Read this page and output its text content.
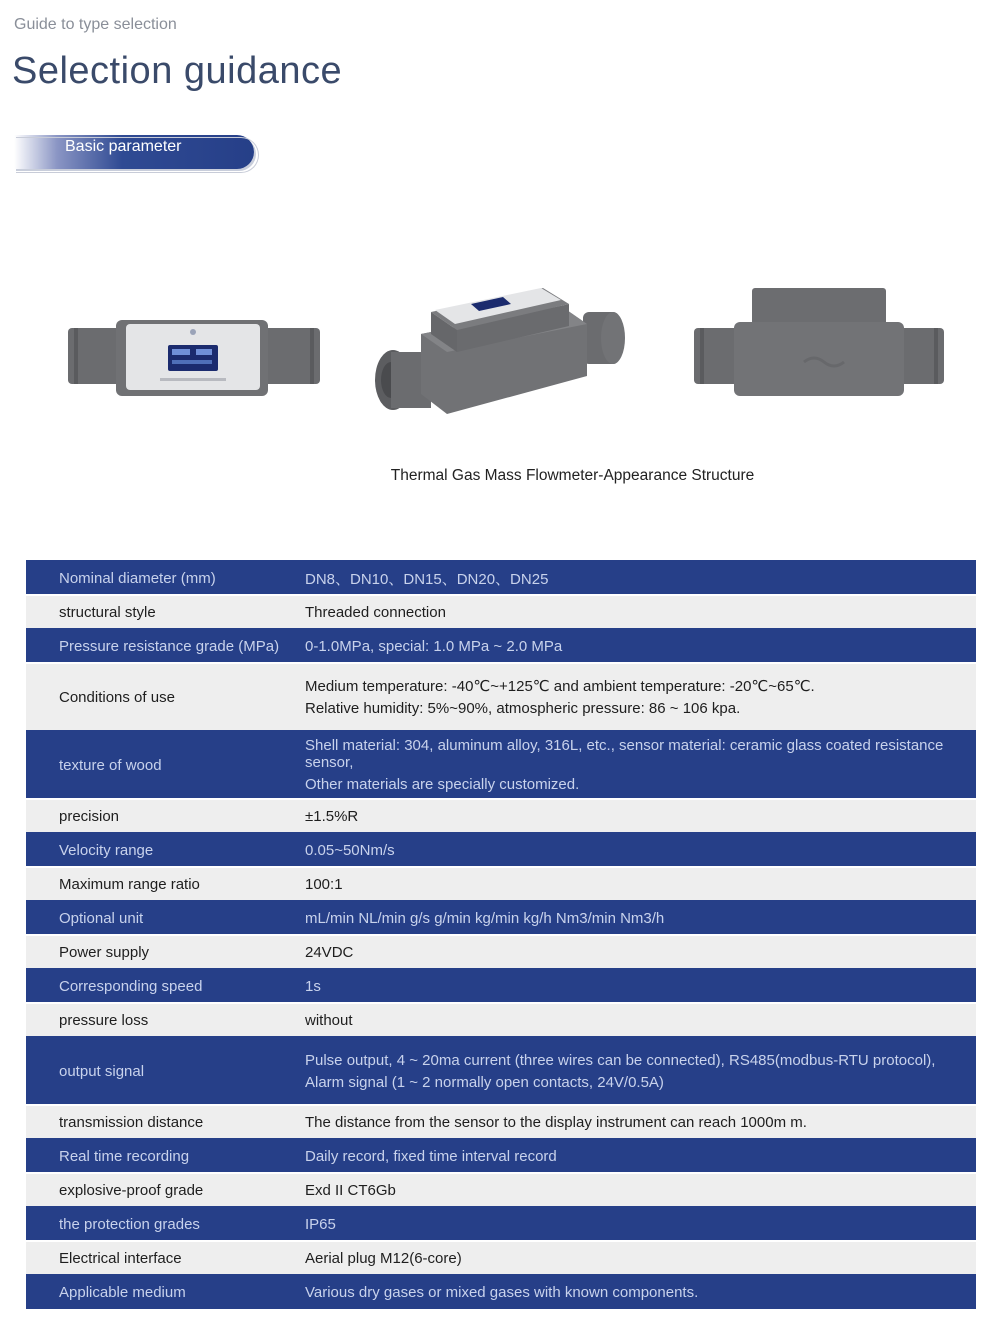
Guide to type selection
Selection guidance
Basic parameter
Thermal Gas Mass Flowmeter-Appearance Structure
Nominal diameter (mm)	DN8、DN10、DN15、DN20、DN25
structural style	Threaded connection
Pressure resistance grade (MPa)	0-1.0MPa, special: 1.0 MPa ~ 2.0 MPa
Conditions of use	Medium temperature: -40℃~+125℃ and ambient temperature: -20℃~65℃.
Relative humidity: 5%~90%, atmospheric pressure: 86 ~ 106 kpa.

texture of wood	Shell material: 304, aluminum alloy, 316L, etc., sensor material: ceramic glass coated resistance sensor,
Other materials are specially customized.

precision	±1.5%R
Velocity range	0.05~50Nm/s
Maximum range ratio	100:1
Optional unit	mL/min NL/min g/s g/min kg/min kg/h Nm3/min Nm3/h
Power supply	24VDC
Corresponding speed	1s
pressure loss	without
output signal	Pulse output, 4 ~ 20ma current (three wires can be connected), RS485(modbus-RTU protocol),
Alarm signal (1 ~ 2 normally open contacts, 24V/0.5A)

transmission distance	The distance from the sensor to the display instrument can reach 1000m m.
Real time recording	Daily record, fixed time interval record
explosive-proof grade	Exd II CT6Gb
the protection grades	IP65
Electrical interface	Aerial plug M12(6-core)
Applicable medium	Various dry gases or mixed gases with known components.
